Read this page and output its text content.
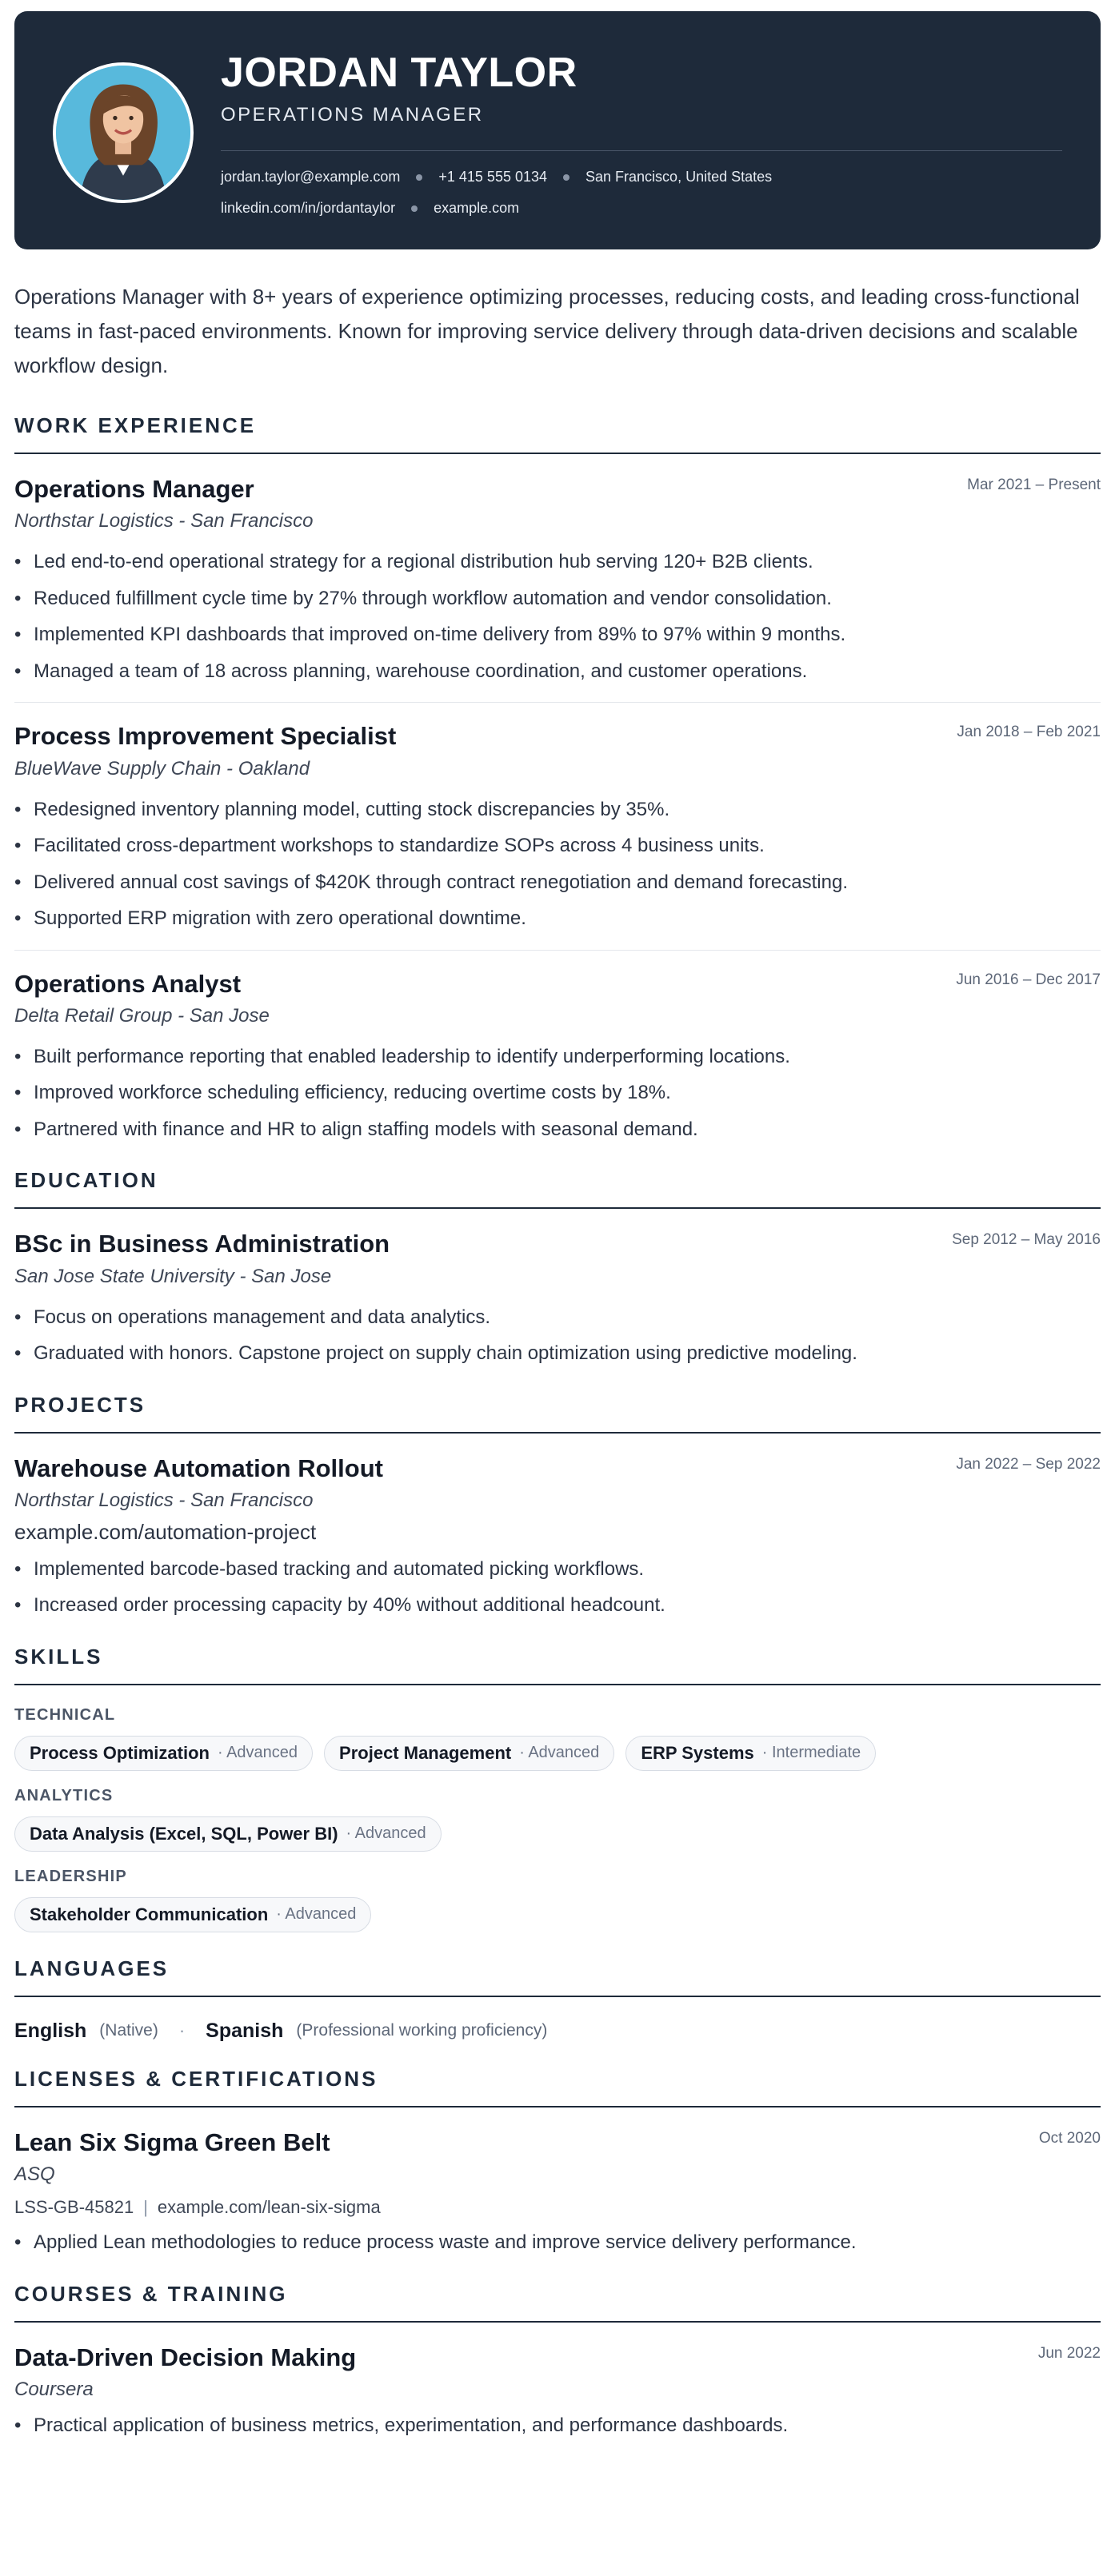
JORDAN TAYLOR
OPERATIONS MANAGER
jordan.taylor@example.com	+1 415 555 0134	San Francisco, United States
linkedin.com/in/jordantaylor	example.com

Operations Manager with 8+ years of experience optimizing processes, reducing costs, and leading cross-functional teams in fast-paced environments. Known for improving service delivery through data-driven decisions and scalable workflow design.

WORK EXPERIENCE
Operations Manager	Mar 2021 – Present
Northstar Logistics - San Francisco
• Led end-to-end operational strategy for a regional distribution hub serving 120+ B2B clients.
• Reduced fulfillment cycle time by 27% through workflow automation and vendor consolidation.
• Implemented KPI dashboards that improved on-time delivery from 89% to 97% within 9 months.
• Managed a team of 18 across planning, warehouse coordination, and customer operations.
Process Improvement Specialist	Jan 2018 – Feb 2021
BlueWave Supply Chain - Oakland
• Redesigned inventory planning model, cutting stock discrepancies by 35%.
• Facilitated cross-department workshops to standardize SOPs across 4 business units.
• Delivered annual cost savings of $420K through contract renegotiation and demand forecasting.
• Supported ERP migration with zero operational downtime.
Operations Analyst	Jun 2016 – Dec 2017
Delta Retail Group - San Jose
• Built performance reporting that enabled leadership to identify underperforming locations.
• Improved workforce scheduling efficiency, reducing overtime costs by 18%.
• Partnered with finance and HR to align staffing models with seasonal demand.
EDUCATION
BSc in Business Administration	Sep 2012 – May 2016
San Jose State University - San Jose
• Focus on operations management and data analytics.
• Graduated with honors. Capstone project on supply chain optimization using predictive modeling.
PROJECTS
Warehouse Automation Rollout	Jan 2022 – Sep 2022
Northstar Logistics - San Francisco
example.com/automation-project
• Implemented barcode-based tracking and automated picking workflows.
• Increased order processing capacity by 40% without additional headcount.
SKILLS
TECHNICAL
Process Optimization · Advanced Project Management · Advanced ERP Systems · Intermediate
ANALYTICS
Data Analysis (Excel, SQL, Power BI) · Advanced
LEADERSHIP
Stakeholder Communication · Advanced
LANGUAGES
English (Native) · Spanish (Professional working proficiency)
LICENSES & CERTIFICATIONS
Lean Six Sigma Green Belt	Oct 2020
ASQ
LSS-GB-45821 | example.com/lean-six-sigma
• Applied Lean methodologies to reduce process waste and improve service delivery performance.
COURSES & TRAINING
Data-Driven Decision Making	Jun 2022
Coursera
• Practical application of business metrics, experimentation, and performance dashboards.
